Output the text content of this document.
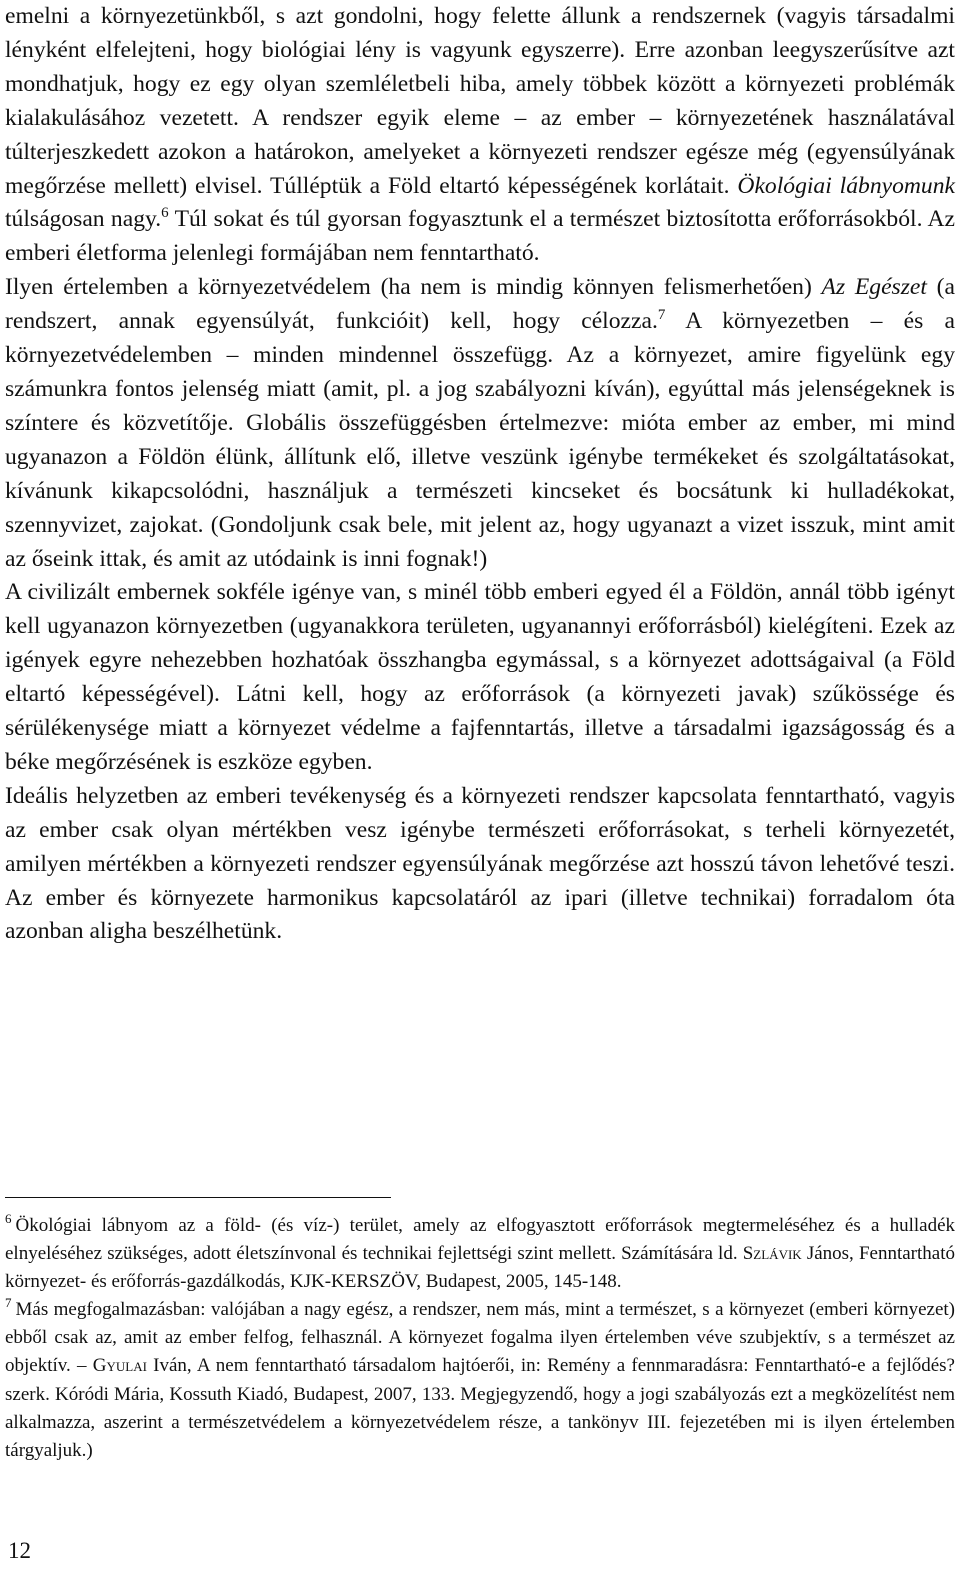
emelni a környezetünkből, s azt gondolni, hogy felette állunk a rendszernek (vagyis társadalmi lényként elfelejteni, hogy biológiai lény is vagyunk egyszerre). Erre azonban leegyszerűsítve azt mondhatjuk, hogy ez egy olyan szemléletbeli hiba, amely többek között a környezeti problémák kialakulásához vezetett. A rendszer egyik eleme – az ember – környezetének használatával túlterjeszkedett azokon a határokon, amelyeket a környezeti rendszer egésze még (egyensúlyának megőrzése mellett) elvisel. Túlléptük a Föld eltartó képességének korlátait. Ökológiai lábnyomunk túlságosan nagy.$^6$ Túl sokat és túl gyorsan fogyasztunk el a természet biztosította erőforrásokból. Az emberi életforma jelenlegi formájában nem fenntartható.

Ilyen értelemben a környezetvédelem (ha nem is mindig könnyen felismerhetően) Az Egészet (a rendszert, annak egyensúlyát, funkcióit) kell, hogy célozza.$^7$ A környezetben – és a környezetvédelemben – minden mindennel összefügg. Az a környezet, amire figyelünk egy számunkra fontos jelenség miatt (amit, pl. a jog szabályozni kíván), egyúttal más jelenségeknek is színtere és közvetítője. Globális összefüggésben értelmezve: mióta ember az ember, mi mind ugyanazon a Földön élünk, állítunk elő, illetve veszünk igénybe termékeket és szolgáltatásokat, kívánunk kikapcsolódni, használjuk a természeti kincseket és bocsátunk ki hulladékokat, szennyvizet, zajokat. (Gondoljunk csak bele, mit jelent az, hogy ugyanazt a vizet isszuk, mint amit az őseink ittak, és amit az utódaink is inni fognak!)

A civilizált embernek sokféle igénye van, s minél több emberi egyed él a Földön, annál több igényt kell ugyanazon környezetben (ugyanakkora területen, ugyanannyi erőforrásból) kielégíteni. Ezek az igények egyre nehezebben hozhatóak összhangba egymással, s a környezet adottságaival (a Föld eltartó képességével). Látni kell, hogy az erőforrások (a környezeti javak) szűkössége és sérülékenysége miatt a környezet védelme a fajfenntartás, illetve a társadalmi igazságosság és a béke megőrzésének is eszköze egyben.

Ideális helyzetben az emberi tevékenység és a környezeti rendszer kapcsolata fenntartható, vagyis az ember csak olyan mértékben vesz igénybe természeti erőforrásokat, s terheli környezetét, amilyen mértékben a környezeti rendszer egyensúlyának megőrzése azt hosszú távon lehetővé teszi. Az ember és környezete harmonikus kapcsolatáról az ipari (illetve technikai) forradalom óta azonban aligha beszélhetünk.

$^6$ Ökológiai lábnyom az a föld- (és víz-) terület, amely az elfogyasztott erőforrások megtermeléséhez és a hulladék elnyeléséhez szükséges, adott életszínvonal és technikai fejlettségi szint mellett. Számítására ld. Szlávik János, Fenntartható környezet- és erőforrás-gazdálkodás, KJK-KERSZÖV, Budapest, 2005, 145-148.

$^7$ Más megfogalmazásban: valójában a nagy egész, a rendszer, nem más, mint a természet, s a környezet (emberi környezet) ebből csak az, amit az ember felfog, felhasznál. A környezet fogalma ilyen értelemben véve szubjektív, s a természet az objektív. – Gyulai Iván, A nem fenntartható társadalom hajtóerői, in: Remény a fennmaradásra: Fenntartható-e a fejlődés? szerk. Kóródi Mária, Kossuth Kiadó, Budapest, 2007, 133. Megjegyzendő, hogy a jogi szabályozás ezt a megközelítést nem alkalmazza, aszerint a természetvédelem a környezetvédelem része, a tankönyv III. fejezetében mi is ilyen értelemben tárgyaljuk.)

12
